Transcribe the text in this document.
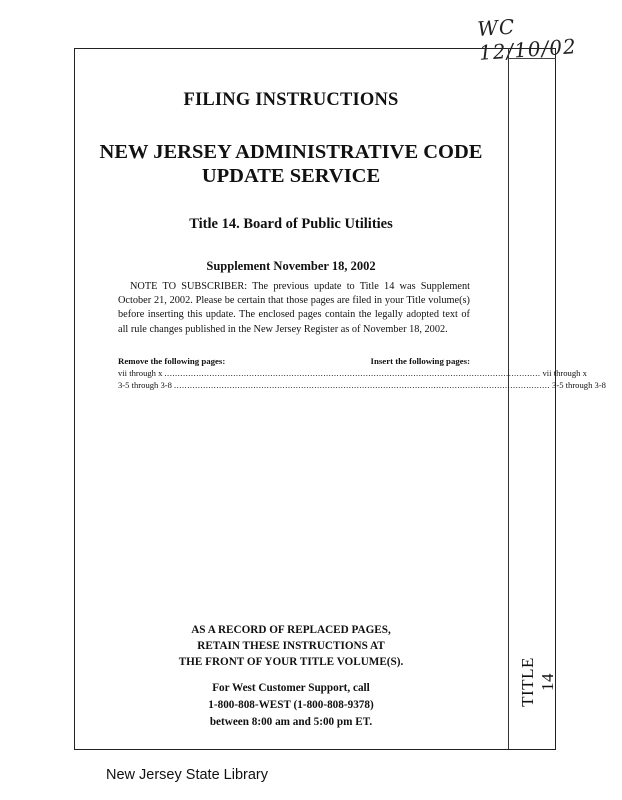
WC 12/10/02
FILING INSTRUCTIONS
NEW JERSEY ADMINISTRATIVE CODE
UPDATE SERVICE
Title 14. Board of Public Utilities
Supplement November 18, 2002
NOTE TO SUBSCRIBER: The previous update to Title 14 was Supplement October 21, 2002. Please be certain that those pages are filed in your Title volume(s) before inserting this update. The enclosed pages contain the legally adopted text of all rule changes published in the New Jersey Register as of November 18, 2002.
Remove the following pages:	Insert the following pages:
vii through x .............................................................................................................................................. vii through x
3-5 through 3-8 .............................................................................................................................................. 3-5 through 3-8
AS A RECORD OF REPLACED PAGES,
RETAIN THESE INSTRUCTIONS AT
THE FRONT OF YOUR TITLE VOLUME(S).
For West Customer Support, call
1-800-808-WEST (1-800-808-9378)
between 8:00 am and 5:00 pm ET.
TITLE 14
New Jersey State Library
